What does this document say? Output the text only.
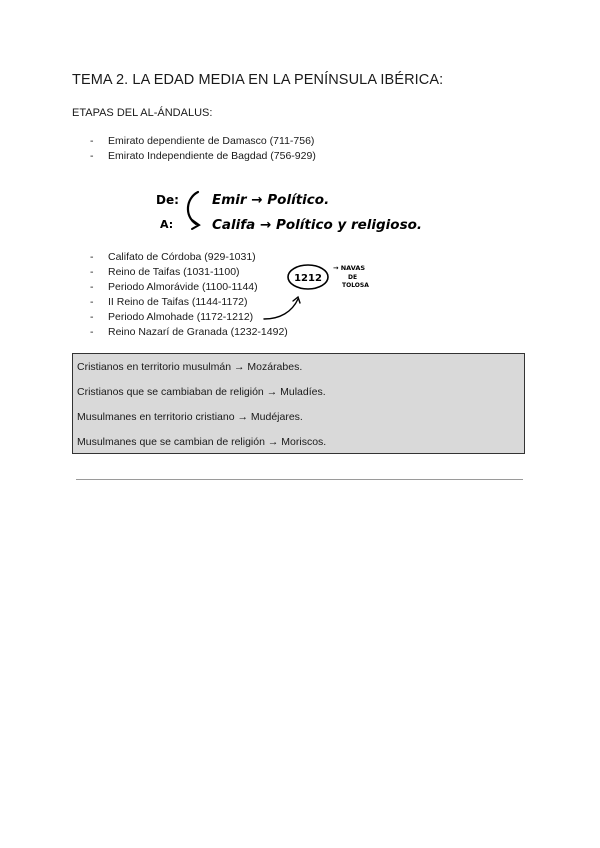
TEMA 2. LA EDAD MEDIA EN LA PENÍNSULA IBÉRICA:
ETAPAS DEL AL-ÁNDALUS:
-	Emirato dependiente de Damasco (711-756)
-	Emirato Independiente de Bagdad (756-929)
De:
A:
Emir → Político.
Califa → Político y religioso.
-	Califato de Córdoba (929-1031)
-	Reino de Taifas (1031-1100)
-	Periodo Almorávide (1100-1144)
-	II Reino de Taifas (1144-1172)
-	Periodo Almohade (1172-1212)
-	Reino Nazarí de Granada (1232-1492)
1212
→ NAVAS
DE
TOLOSA

Cristianos en territorio musulmán → Mozárabes.

Cristianos que se cambiaban de religión → Muladíes.

Musulmanes en territorio cristiano → Mudéjares.

Musulmanes que se cambian de religión → Moriscos.
